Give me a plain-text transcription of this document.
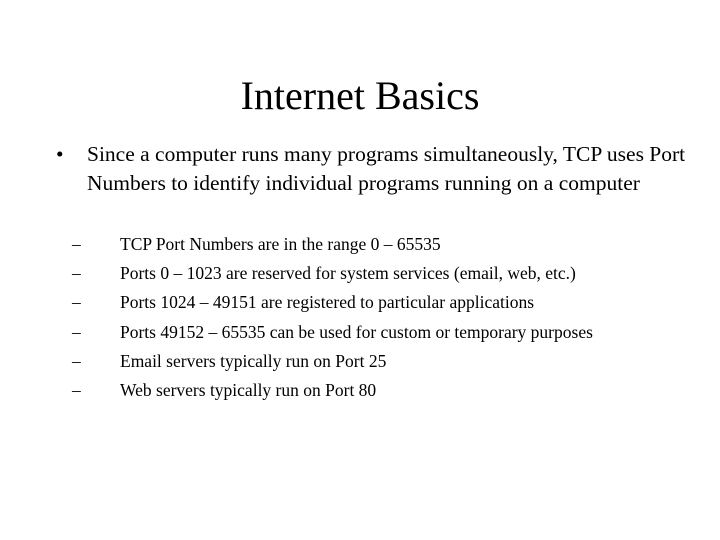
Internet Basics
•	Since a computer runs many programs simultaneously, TCP uses Port Numbers to identify individual programs running on a computer
– TCP Port Numbers are in the range 0 – 65535
– Ports 0 – 1023 are reserved for system services (email, web, etc.)
– Ports 1024 – 49151 are registered to particular applications
– Ports 49152 – 65535 can be used for custom or temporary purposes
– Email servers typically run on Port 25
– Web servers typically run on Port 80
